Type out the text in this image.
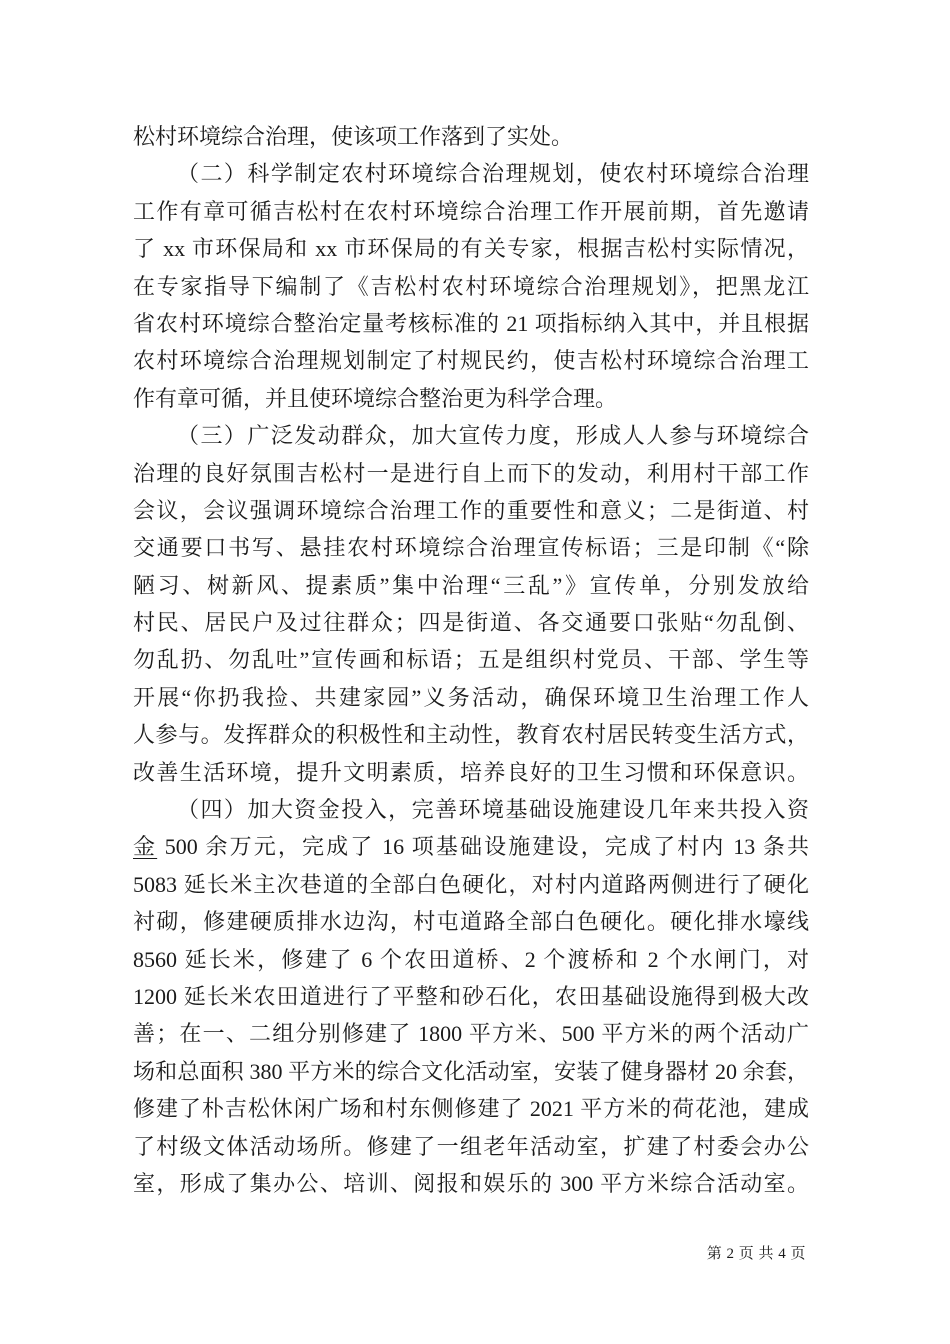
松村环境综合治理，使该项工作落到了实处。
（二）科学制定农村环境综合治理规划，使农村环境综合治理
工作有章可循吉松村在农村环境综合治理工作开展前期，首先邀请
了 xx 市环保局和 xx 市环保局的有关专家，根据吉松村实际情况，
在专家指导下编制了《吉松村农村环境综合治理规划》，把黑龙江
省农村环境综合整治定量考核标准的 21 项指标纳入其中，并且根据
农村环境综合治理规划制定了村规民约，使吉松村环境综合治理工
作有章可循，并且使环境综合整治更为科学合理。
（三）广泛发动群众，加大宣传力度，形成人人参与环境综合
治理的良好氛围吉松村一是进行自上而下的发动，利用村干部工作
会议，会议强调环境综合治理工作的重要性和意义；二是街道、村
交通要口书写、悬挂农村环境综合治理宣传标语；三是印制《“除
陋习、树新风、提素质”集中治理“三乱”》宣传单，分别发放给
村民、居民户及过往群众；四是街道、各交通要口张贴“勿乱倒、
勿乱扔、勿乱吐”宣传画和标语；五是组织村党员、干部、学生等
开展“你扔我捡、共建家园”义务活动，确保环境卫生治理工作人
人参与。发挥群众的积极性和主动性，教育农村居民转变生活方式，
改善生活环境，提升文明素质，培养良好的卫生习惯和环保意识。
（四）加大资金投入，完善环境基础设施建设几年来共投入资
金 500 余万元，完成了 16 项基础设施建设，完成了村内 13 条共
5083 延长米主次巷道的全部白色硬化，对村内道路两侧进行了硬化
衬砌，修建硬质排水边沟，村屯道路全部白色硬化。硬化排水壕线
8560 延长米，修建了 6 个农田道桥、2 个渡桥和 2 个水闸门，对
1200 延长米农田道进行了平整和砂石化，农田基础设施得到极大改
善；在一、二组分别修建了 1800 平方米、500 平方米的两个活动广
场和总面积 380 平方米的综合文化活动室，安装了健身器材 20 余套，
修建了朴吉松休闲广场和村东侧修建了 2021 平方米的荷花池，建成
了村级文体活动场所。修建了一组老年活动室，扩建了村委会办公
室，形成了集办公、培训、阅报和娱乐的 300 平方米综合活动室。
第 2 页 共 4 页
